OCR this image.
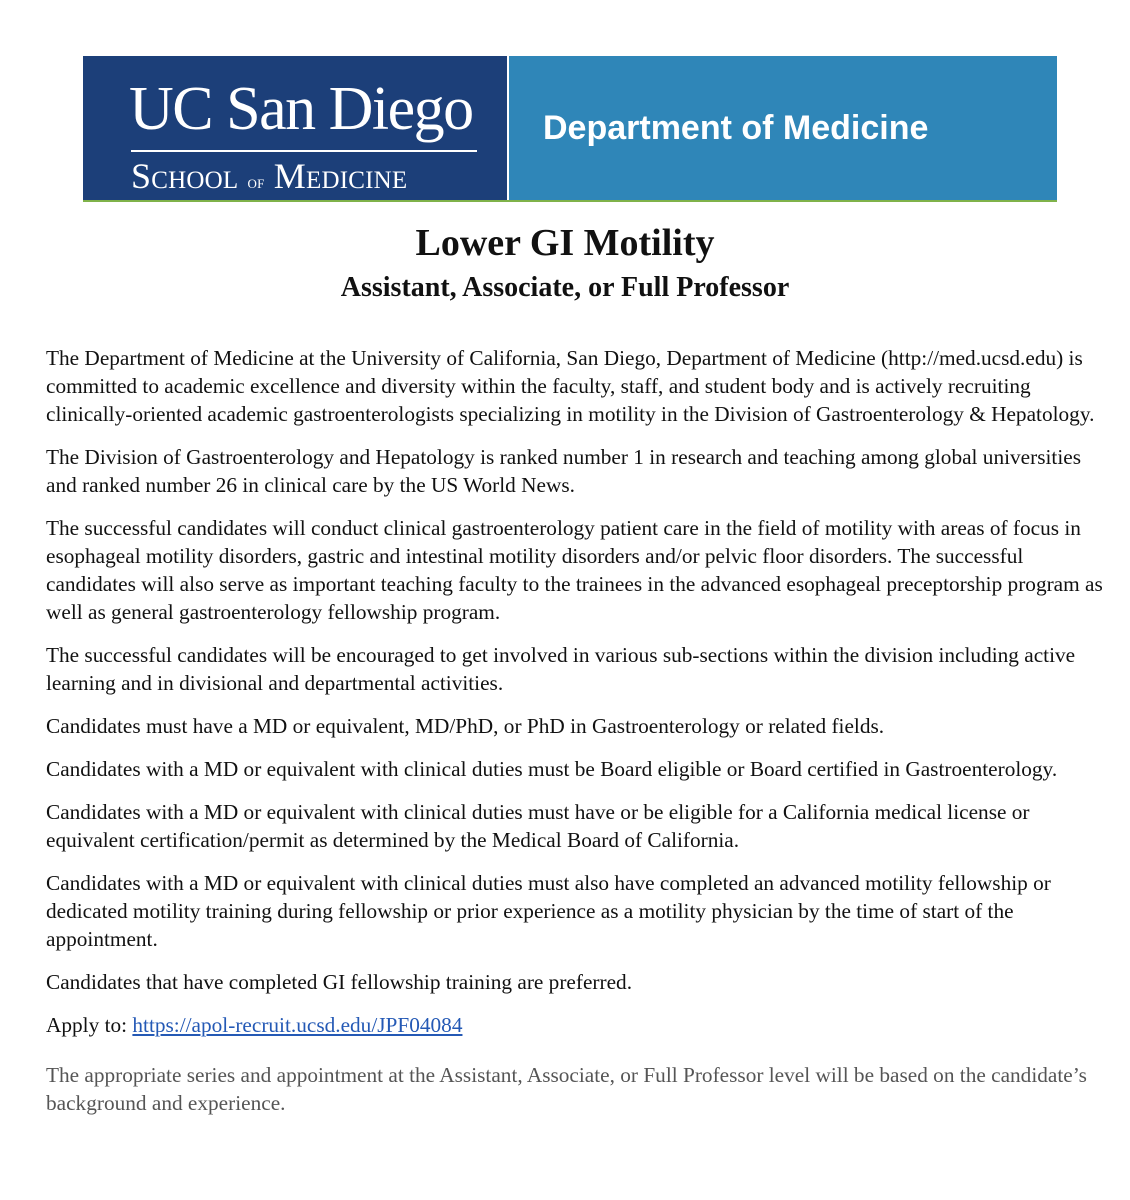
UC San Diego
School of Medicine
Department of Medicine
Lower GI Motility
Assistant, Associate, or Full Professor

The Department of Medicine at the University of California, San Diego, Department of Medicine (http://med.ucsd.edu) is committed to academic excellence and diversity within the faculty, staff, and student body and is actively recruiting clinically-oriented academic gastroenterologists specializing in motility in the Division of Gastroenterology & Hepatology.

The Division of Gastroenterology and Hepatology is ranked number 1 in research and teaching among global universities and ranked number 26 in clinical care by the US World News.

The successful candidates will conduct clinical gastroenterology patient care in the field of motility with areas of focus in esophageal motility disorders, gastric and intestinal motility disorders and/or pelvic floor disorders. The successful candidates will also serve as important teaching faculty to the trainees in the advanced esophageal preceptorship program as well as general gastroenterology fellowship program.

The successful candidates will be encouraged to get involved in various sub-sections within the division including active learning and in divisional and departmental activities.

Candidates must have a MD or equivalent, MD/PhD, or PhD in Gastroenterology or related fields.

Candidates with a MD or equivalent with clinical duties must be Board eligible or Board certified in Gastroenterology.

Candidates with a MD or equivalent with clinical duties must have or be eligible for a California medical license or equivalent certification/permit as determined by the Medical Board of California.

Candidates with a MD or equivalent with clinical duties must also have completed an advanced motility fellowship or dedicated motility training during fellowship or prior experience as a motility physician by the time of start of the appointment.

Candidates that have completed GI fellowship training are preferred.

Apply to: https://apol-recruit.ucsd.edu/JPF04084

The appropriate series and appointment at the Assistant, Associate, or Full Professor level will be based on the candidate’s background and experience.
